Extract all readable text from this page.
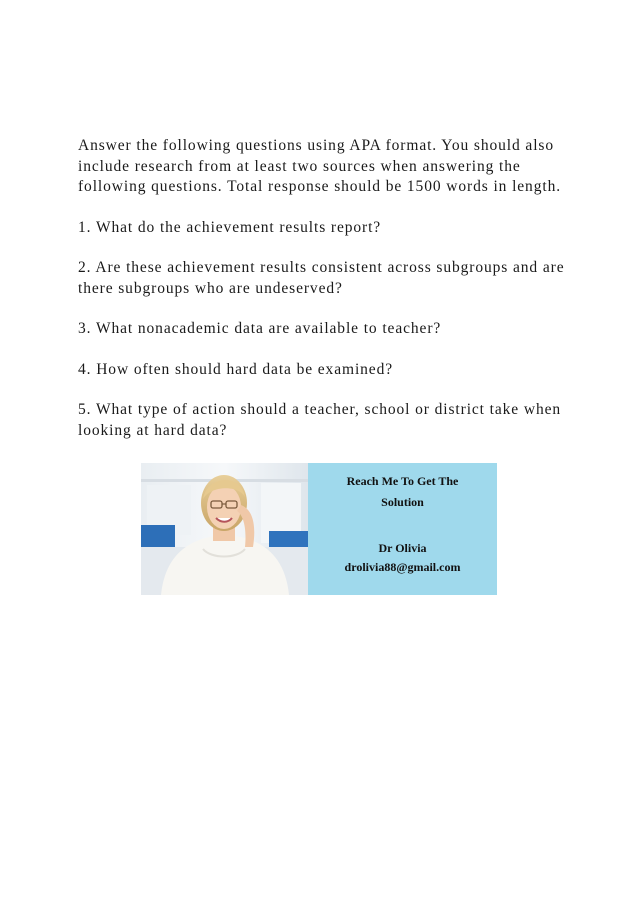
Answer the following questions using APA format. You should also include research from at least two sources when answering the following questions. Total response should be 1500 words in length.

1. What do the achievement results report?

2. Are these achievement results consistent across subgroups and are there subgroups who are undeserved?

3. What nonacademic data are available to teacher?

4. How often should hard data be examined?

5. What type of action should a teacher, school or district take when looking at hard data?

Reach Me To Get The
Solution
Dr Olivia
drolivia88@gmail.com
